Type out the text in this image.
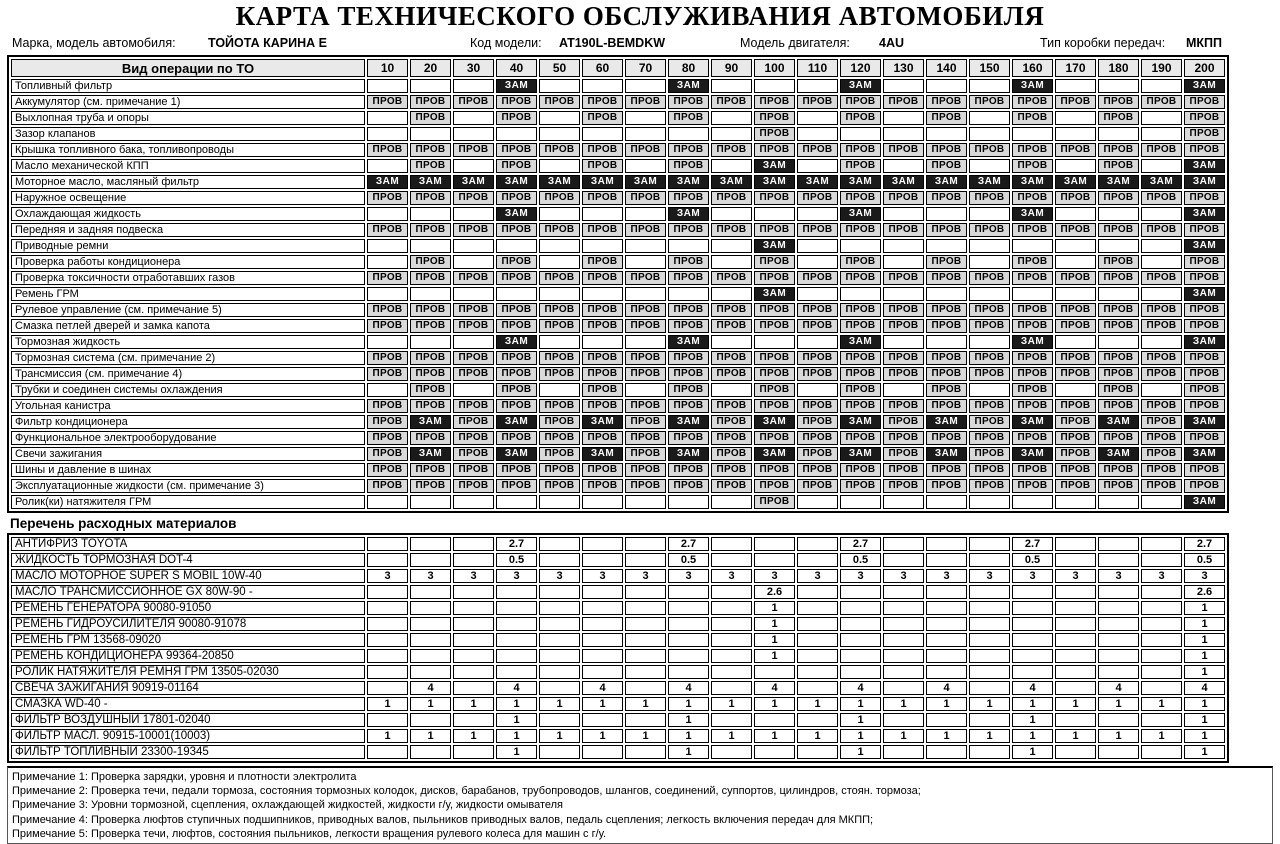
КАРТА ТЕХНИЧЕСКОГО ОБСЛУЖИВАНИЯ АВТОМОБИЛЯ
Марка, модель автомобиля:	ТОЙОТА КАРИНА Е	Код модели: AT190L-BEMDKW	Модель двигателя: 4AU	Тип коробки передач: МКПП
Вид операции по ТО	10	20	30	40	50	60	70	80	90	100	110	120	130	140	150	160	170	180	190	200
Топливный фильтр				ЗАМ				ЗАМ				ЗАМ				ЗАМ				ЗАМ
Аккумулятор (см. примечание 1)	ПРОВ	ПРОВ	ПРОВ	ПРОВ	ПРОВ	ПРОВ	ПРОВ	ПРОВ	ПРОВ	ПРОВ	ПРОВ	ПРОВ	ПРОВ	ПРОВ	ПРОВ	ПРОВ	ПРОВ	ПРОВ	ПРОВ	ПРОВ
Выхлопная труба и опоры		ПРОВ		ПРОВ		ПРОВ		ПРОВ		ПРОВ		ПРОВ		ПРОВ		ПРОВ		ПРОВ		ПРОВ
Зазор клапанов										ПРОВ										ПРОВ
Крышка топливного бака, топливопроводы	ПРОВ	ПРОВ	ПРОВ	ПРОВ	ПРОВ	ПРОВ	ПРОВ	ПРОВ	ПРОВ	ПРОВ	ПРОВ	ПРОВ	ПРОВ	ПРОВ	ПРОВ	ПРОВ	ПРОВ	ПРОВ	ПРОВ	ПРОВ
Масло механической КПП		ПРОВ		ПРОВ		ПРОВ		ПРОВ		ЗАМ		ПРОВ		ПРОВ		ПРОВ		ПРОВ		ЗАМ
Моторное масло, масляный фильтр	ЗАМ	ЗАМ	ЗАМ	ЗАМ	ЗАМ	ЗАМ	ЗАМ	ЗАМ	ЗАМ	ЗАМ	ЗАМ	ЗАМ	ЗАМ	ЗАМ	ЗАМ	ЗАМ	ЗАМ	ЗАМ	ЗАМ	ЗАМ
Наружное освещение	ПРОВ	ПРОВ	ПРОВ	ПРОВ	ПРОВ	ПРОВ	ПРОВ	ПРОВ	ПРОВ	ПРОВ	ПРОВ	ПРОВ	ПРОВ	ПРОВ	ПРОВ	ПРОВ	ПРОВ	ПРОВ	ПРОВ	ПРОВ
Охлаждающая жидкость				ЗАМ				ЗАМ				ЗАМ				ЗАМ				ЗАМ
Передняя и задняя подвеска	ПРОВ	ПРОВ	ПРОВ	ПРОВ	ПРОВ	ПРОВ	ПРОВ	ПРОВ	ПРОВ	ПРОВ	ПРОВ	ПРОВ	ПРОВ	ПРОВ	ПРОВ	ПРОВ	ПРОВ	ПРОВ	ПРОВ	ПРОВ
Приводные ремни										ЗАМ										ЗАМ
Проверка работы кондиционера		ПРОВ		ПРОВ		ПРОВ		ПРОВ		ПРОВ		ПРОВ		ПРОВ		ПРОВ		ПРОВ		ПРОВ
Проверка токсичности отработавших газов	ПРОВ	ПРОВ	ПРОВ	ПРОВ	ПРОВ	ПРОВ	ПРОВ	ПРОВ	ПРОВ	ПРОВ	ПРОВ	ПРОВ	ПРОВ	ПРОВ	ПРОВ	ПРОВ	ПРОВ	ПРОВ	ПРОВ	ПРОВ
Ремень ГРМ										ЗАМ										ЗАМ
Рулевое управление (см. примечание 5)	ПРОВ	ПРОВ	ПРОВ	ПРОВ	ПРОВ	ПРОВ	ПРОВ	ПРОВ	ПРОВ	ПРОВ	ПРОВ	ПРОВ	ПРОВ	ПРОВ	ПРОВ	ПРОВ	ПРОВ	ПРОВ	ПРОВ	ПРОВ
Смазка петлей дверей и замка капота	ПРОВ	ПРОВ	ПРОВ	ПРОВ	ПРОВ	ПРОВ	ПРОВ	ПРОВ	ПРОВ	ПРОВ	ПРОВ	ПРОВ	ПРОВ	ПРОВ	ПРОВ	ПРОВ	ПРОВ	ПРОВ	ПРОВ	ПРОВ
Тормозная жидкость				ЗАМ				ЗАМ				ЗАМ				ЗАМ				ЗАМ
Тормозная система (см. примечание 2)	ПРОВ	ПРОВ	ПРОВ	ПРОВ	ПРОВ	ПРОВ	ПРОВ	ПРОВ	ПРОВ	ПРОВ	ПРОВ	ПРОВ	ПРОВ	ПРОВ	ПРОВ	ПРОВ	ПРОВ	ПРОВ	ПРОВ	ПРОВ
Трансмиссия (см. примечание 4)	ПРОВ	ПРОВ	ПРОВ	ПРОВ	ПРОВ	ПРОВ	ПРОВ	ПРОВ	ПРОВ	ПРОВ	ПРОВ	ПРОВ	ПРОВ	ПРОВ	ПРОВ	ПРОВ	ПРОВ	ПРОВ	ПРОВ	ПРОВ
Трубки и соединен системы охлаждения		ПРОВ		ПРОВ		ПРОВ		ПРОВ		ПРОВ		ПРОВ		ПРОВ		ПРОВ		ПРОВ		ПРОВ
Угольная канистра	ПРОВ	ПРОВ	ПРОВ	ПРОВ	ПРОВ	ПРОВ	ПРОВ	ПРОВ	ПРОВ	ПРОВ	ПРОВ	ПРОВ	ПРОВ	ПРОВ	ПРОВ	ПРОВ	ПРОВ	ПРОВ	ПРОВ	ПРОВ
Фильтр кондиционера	ПРОВ	ЗАМ	ПРОВ	ЗАМ	ПРОВ	ЗАМ	ПРОВ	ЗАМ	ПРОВ	ЗАМ	ПРОВ	ЗАМ	ПРОВ	ЗАМ	ПРОВ	ЗАМ	ПРОВ	ЗАМ	ПРОВ	ЗАМ
Функциональное электрооборудование	ПРОВ	ПРОВ	ПРОВ	ПРОВ	ПРОВ	ПРОВ	ПРОВ	ПРОВ	ПРОВ	ПРОВ	ПРОВ	ПРОВ	ПРОВ	ПРОВ	ПРОВ	ПРОВ	ПРОВ	ПРОВ	ПРОВ	ПРОВ
Свечи зажигания	ПРОВ	ЗАМ	ПРОВ	ЗАМ	ПРОВ	ЗАМ	ПРОВ	ЗАМ	ПРОВ	ЗАМ	ПРОВ	ЗАМ	ПРОВ	ЗАМ	ПРОВ	ЗАМ	ПРОВ	ЗАМ	ПРОВ	ЗАМ
Шины и давление в шинах	ПРОВ	ПРОВ	ПРОВ	ПРОВ	ПРОВ	ПРОВ	ПРОВ	ПРОВ	ПРОВ	ПРОВ	ПРОВ	ПРОВ	ПРОВ	ПРОВ	ПРОВ	ПРОВ	ПРОВ	ПРОВ	ПРОВ	ПРОВ
Эксплуатационные жидкости (см. примечание 3)	ПРОВ	ПРОВ	ПРОВ	ПРОВ	ПРОВ	ПРОВ	ПРОВ	ПРОВ	ПРОВ	ПРОВ	ПРОВ	ПРОВ	ПРОВ	ПРОВ	ПРОВ	ПРОВ	ПРОВ	ПРОВ	ПРОВ	ПРОВ
Ролик(ки) натяжителя ГРМ										ПРОВ										ЗАМ
Перечень расходных материалов
АНТИФРИЗ TOYOTA				2.7				2.7				2.7				2.7				2.7
ЖИДКОСТЬ ТОРМОЗНАЯ DOT-4				0.5				0.5				0.5				0.5				0.5
МАСЛО МОТОРНОЕ SUPER S MOBIL 10W-40	3	3	3	3	3	3	3	3	3	3	3	3	3	3	3	3	3	3	3	3
МАСЛО ТРАНСМИССИОННОЕ GX 80W-90 -										2.6										2.6
РЕМЕНЬ ГЕНЕРАТОРА 90080-91050										1										1
РЕМЕНЬ ГИДРОУСИЛИТЕЛЯ 90080-91078										1										1
РЕМЕНЬ ГРМ 13568-09020										1										1
РЕМЕНЬ КОНДИЦИОНЕРА 99364-20850										1										1
РОЛИК НАТЯЖИТЕЛЯ РЕМНЯ ГРМ 13505-02030																				1
СВЕЧА ЗАЖИГАНИЯ 90919-01164		4		4		4		4		4		4		4		4		4		4
СМАЗКА WD-40 -	1	1	1	1	1	1	1	1	1	1	1	1	1	1	1	1	1	1	1	1
ФИЛЬТР ВОЗДУШНЫЙ 17801-02040				1				1				1				1				1
ФИЛЬТР МАСЛ. 90915-10001(10003)	1	1	1	1	1	1	1	1	1	1	1	1	1	1	1	1	1	1	1	1
ФИЛЬТР ТОПЛИВНЫЙ 23300-19345				1				1				1				1				1
Примечание 1: Проверка зарядки, уровня и плотности электролита
Примечание 2: Проверка течи, педали тормоза, состояния тормозных колодок, дисков, барабанов, трубопроводов, шлангов, соединений, суппортов, цилиндров, стоян. тормоза;
Примечание 3: Уровни тормозной, сцепления, охлаждающей жидкостей, жидкости г/у, жидкости омывателя
Примечание 4: Проверка люфтов ступичных подшипников, приводных валов, пыльников приводных валов, педаль сцепления; легкость включения передач для МКПП;
Примечание 5: Проверка течи, люфтов, состояния пыльников, легкости вращения рулевого колеса для машин с г/у.
